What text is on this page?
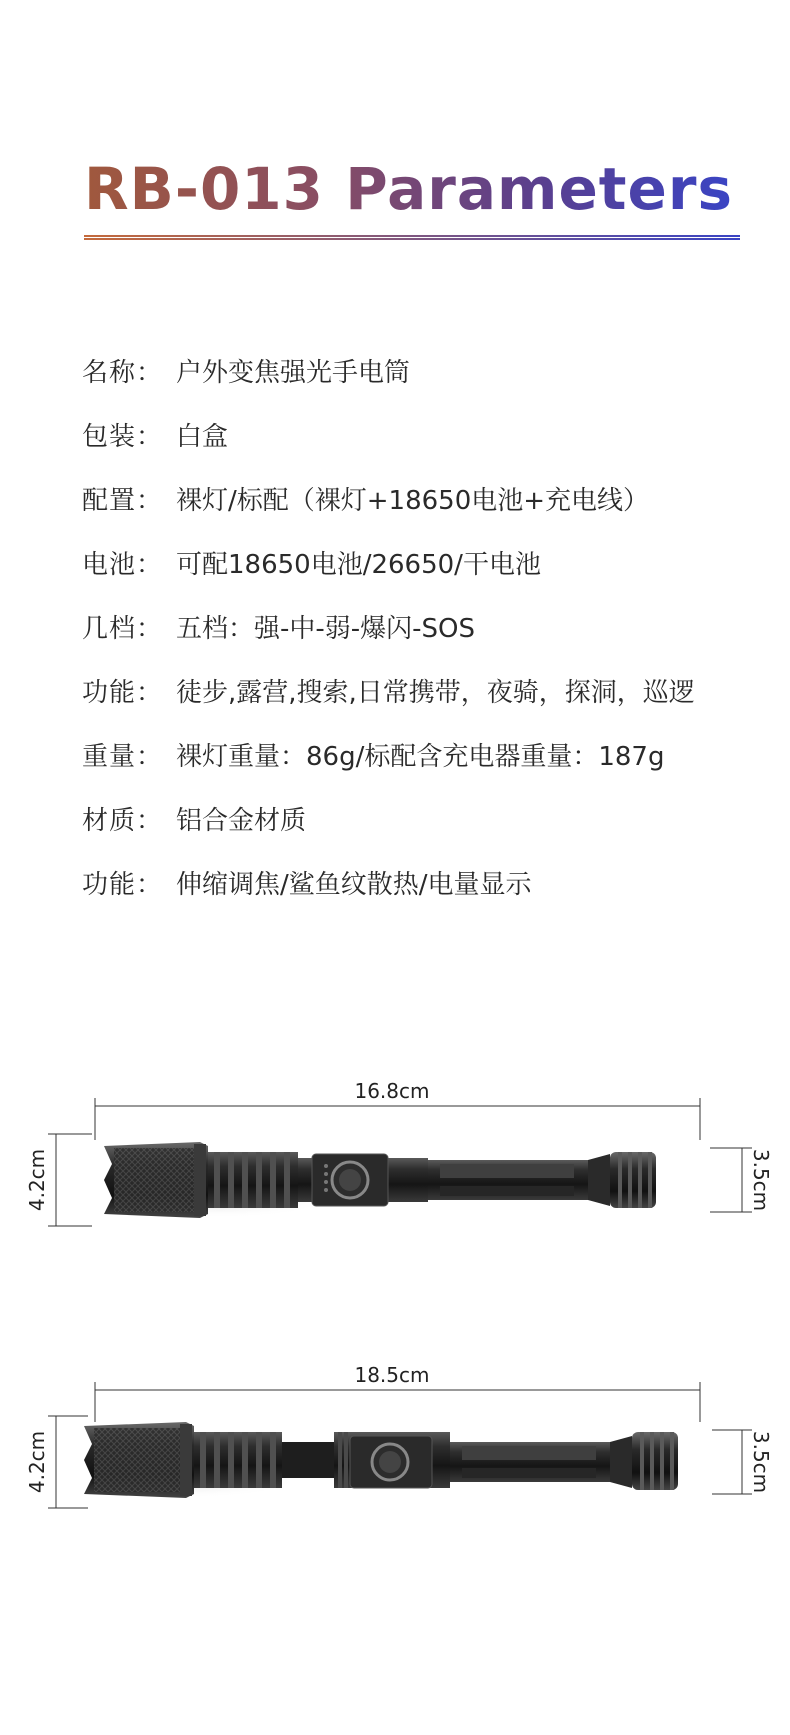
RB-013 Parameters
名称： 户外变焦强光手电筒
包装： 白盒
配置： 裸灯/标配（裸灯+18650电池+充电线）
电池： 可配18650电池/26650/干电池
几档： 五档：强-中-弱-爆闪-SOS
功能： 徒步,露营,搜索,日常携带，夜骑，探洞，巡逻
重量： 裸灯重量：86g/标配含充电器重量：187g
材质： 铝合金材质
功能： 伸缩调焦/鲨鱼纹散热/电量显示
16.8cm
4.2cm	3.5cm
18.5cm
4.2cm	3.5cm
